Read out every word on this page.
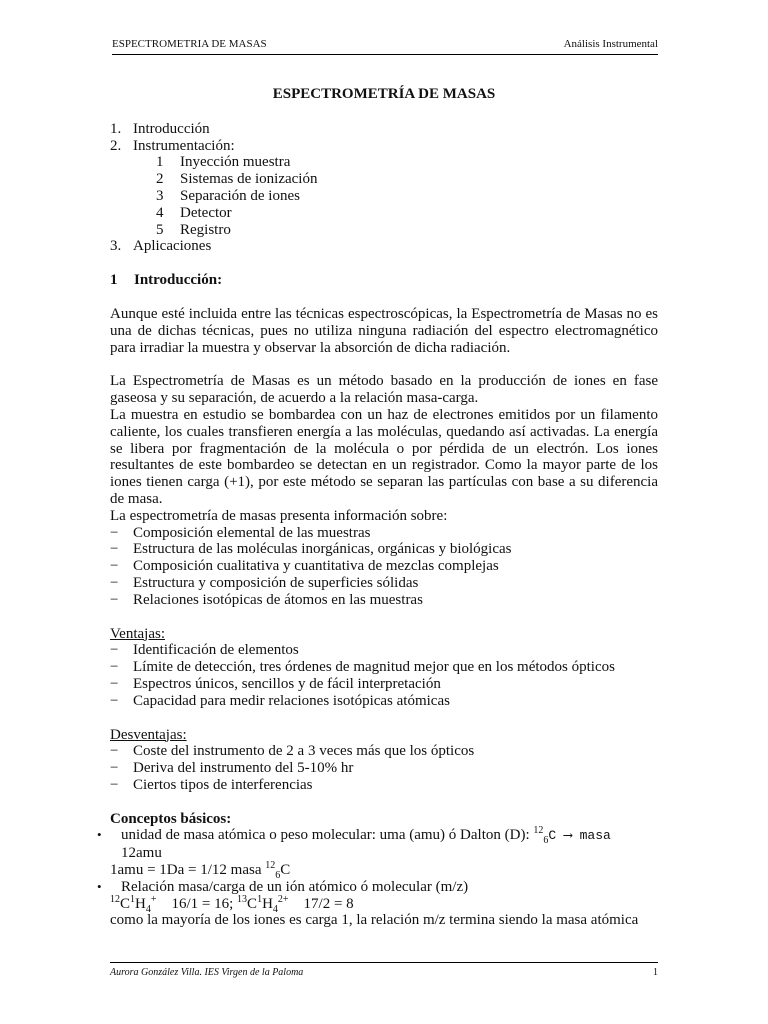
ESPECTROMETRIA DE MASAS	Análisis Instrumental
ESPECTROMETRÍA DE MASAS
1. Introducción
2. Instrumentación:
1 Inyección muestra
2 Sistemas de ionización
3 Separación de iones
4 Detector
5 Registro
3. Aplicaciones
1 Introducción:

Aunque esté incluida entre las técnicas espectroscópicas, la Espectrometría de Masas no es una de dichas técnicas, pues no utiliza ninguna radiación del espectro electromagnético para irradiar la muestra y observar la absorción de dicha radiación.

La Espectrometría de Masas es un método basado en la producción de iones en fase gaseosa y su separación, de acuerdo a la relación masa-carga.

La muestra en estudio se bombardea con un haz de electrones emitidos por un filamento caliente, los cuales transfieren energía a las moléculas, quedando así activadas. La energía se libera por fragmentación de la molécula o por pérdida de un electrón. Los iones resultantes de este bombardeo se detectan en un registrador. Como la mayor parte de los iones tienen carga (+1), por este método se separan las partículas con base a su diferencia de masa.

La espectrometría de masas presenta información sobre:

− Composición elemental de las muestras
− Estructura de las moléculas inorgánicas, orgánicas y biológicas
− Composición cualitativa y cuantitativa de mezclas complejas
− Estructura y composición de superficies sólidas
− Relaciones isotópicas de átomos en las muestras
Ventajas:
− Identificación de elementos
− Límite de detección, tres órdenes de magnitud mejor que en los métodos ópticos
− Espectros únicos, sencillos y de fácil interpretación
− Capacidad para medir relaciones isotópicas atómicas
Desventajas:
− Coste del instrumento de 2 a 3 veces más que los ópticos
− Deriva del instrumento del 5-10% hr
− Ciertos tipos de interferencias
Conceptos básicos:
• unidad de masa atómica o peso molecular: uma (amu) ó Dalton (D): $^{12}_6$C ⟶ masa
12amu
1amu = 1Da = 1/12 masa $^{12}_6$C
• Relación masa/carga de un ión atómico ó molecular (m/z)
$^{12}C^1H_4^+$ 16/1 = 16; $^{13}C^1H_4^{2+}$ 17/2 = 8
como la mayoría de los iones es carga 1, la relación m/z termina siendo la masa atómica
Aurora González Villa. IES Virgen de la Paloma	1
